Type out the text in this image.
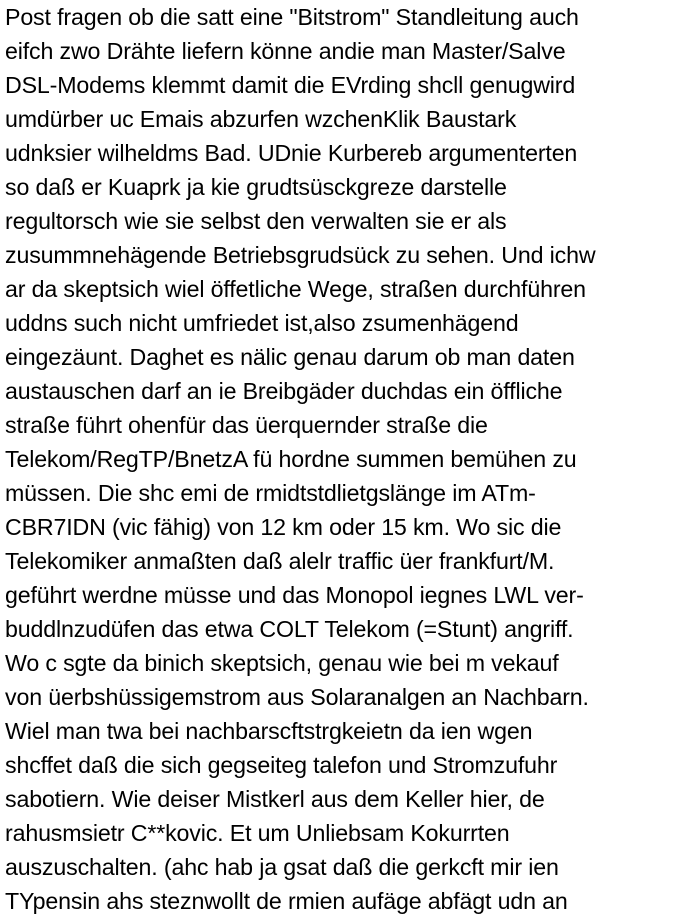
Post fragen ob die satt eine "Bitstrom" Standleitung auch
eifch zwo Drähte liefern könne andie man Master/Salve
DSL-Modems klemmt damit die EVrding shcll genugwird
umdürber uc Emais abzurfen wzchenKlik Baustark
udnksier wilheldms Bad. UDnie Kurbereb argumenterten
so daß er Kuaprk ja kie grudtsüsckgreze darstelle
regultorsch wie sie selbst den verwalten sie er als
zusummnehägende Betriebsgrudsück zu sehen. Und ichw
ar da skeptsich wiel öffetliche Wege, straßen durchführen
uddns such nicht umfriedet ist,also zsumenhägend
eingezäunt. Daghet es nälic genau darum ob man daten
austauschen darf an ie Breibgäder duchdas ein öffliche
straße führt ohenfür das üerquernder straße die
Telekom/RegTP/BnetzA fü hordne summen bemühen zu
müssen. Die shc emi de rmidtstdlietgslänge im ATm-
CBR7IDN (vic fähig) von 12 km oder 15 km. Wo sic die
Telekomiker anmaßten daß alelr traffic üer frankfurt/M.
geführt werdne müsse und das Monopol iegnes LWL ver-
buddlnzudüfen das etwa COLT Telekom (=Stunt) angriff.
Wo c sgte da binich skeptsich, genau wie bei m vekauf
von üerbshüssigemstrom aus Solaranalgen an Nachbarn.
Wiel man twa bei nachbarscftstrgkeietn da ien wgen
shcffet daß die sich gegseiteg talefon und Stromzufuhr
sabotiern. Wie deiser Mistkerl aus dem Keller hier, de
rahusmsietr C**kovic. Et um Unliebsam Kokurrten
auszuschalten. (ahc hab ja gsat daß die gerkcft mir ien
TYpensin ahs steznwollt de rmien aufäge abfägt udn an
